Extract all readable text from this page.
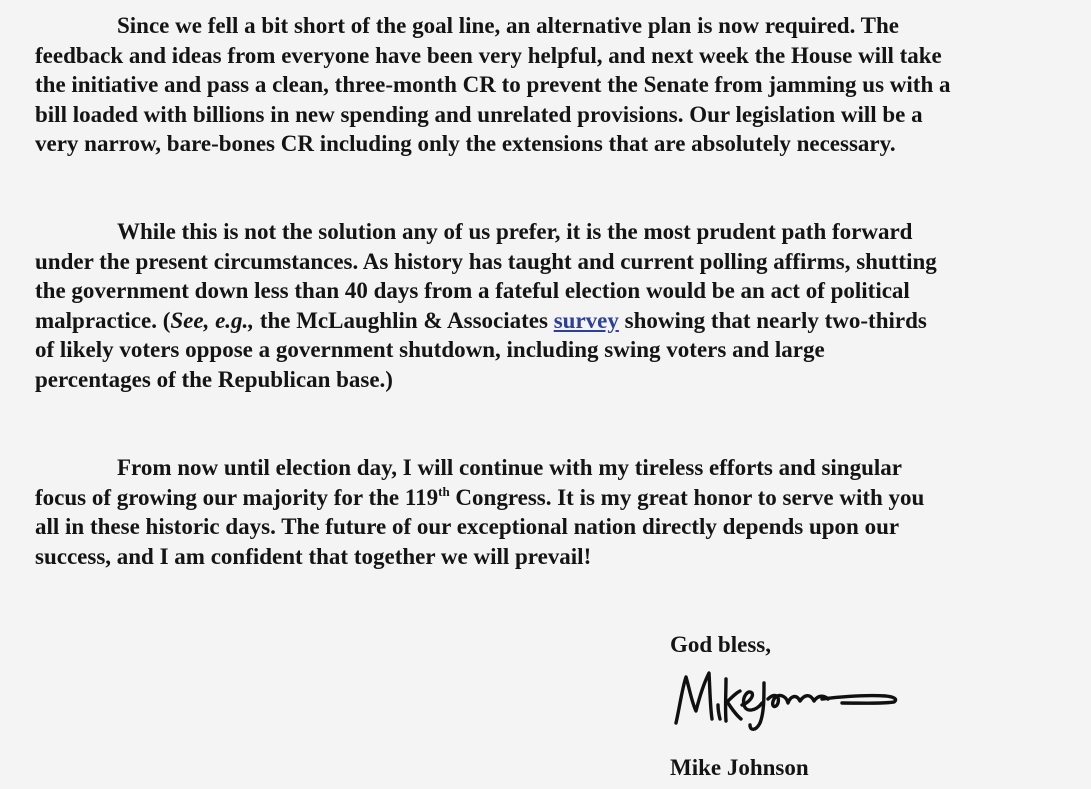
Since we fell a bit short of the goal line, an alternative plan is now required. The
feedback and ideas from everyone have been very helpful, and next week the House will take
the initiative and pass a clean, three-month CR to prevent the Senate from jamming us with a
bill loaded with billions in new spending and unrelated provisions. Our legislation will be a
very narrow, bare-bones CR including only the extensions that are absolutely necessary.

While this is not the solution any of us prefer, it is the most prudent path forward
under the present circumstances. As history has taught and current polling affirms, shutting
the government down less than 40 days from a fateful election would be an act of political
malpractice. (See, e.g., the McLaughlin & Associates survey showing that nearly two-thirds
of likely voters oppose a government shutdown, including swing voters and large
percentages of the Republican base.)

From now until election day, I will continue with my tireless efforts and singular
focus of growing our majority for the 119th Congress. It is my great honor to serve with you
all in these historic days. The future of our exceptional nation directly depends upon our
success, and I am confident that together we will prevail!

God bless,
Mike Johnson
